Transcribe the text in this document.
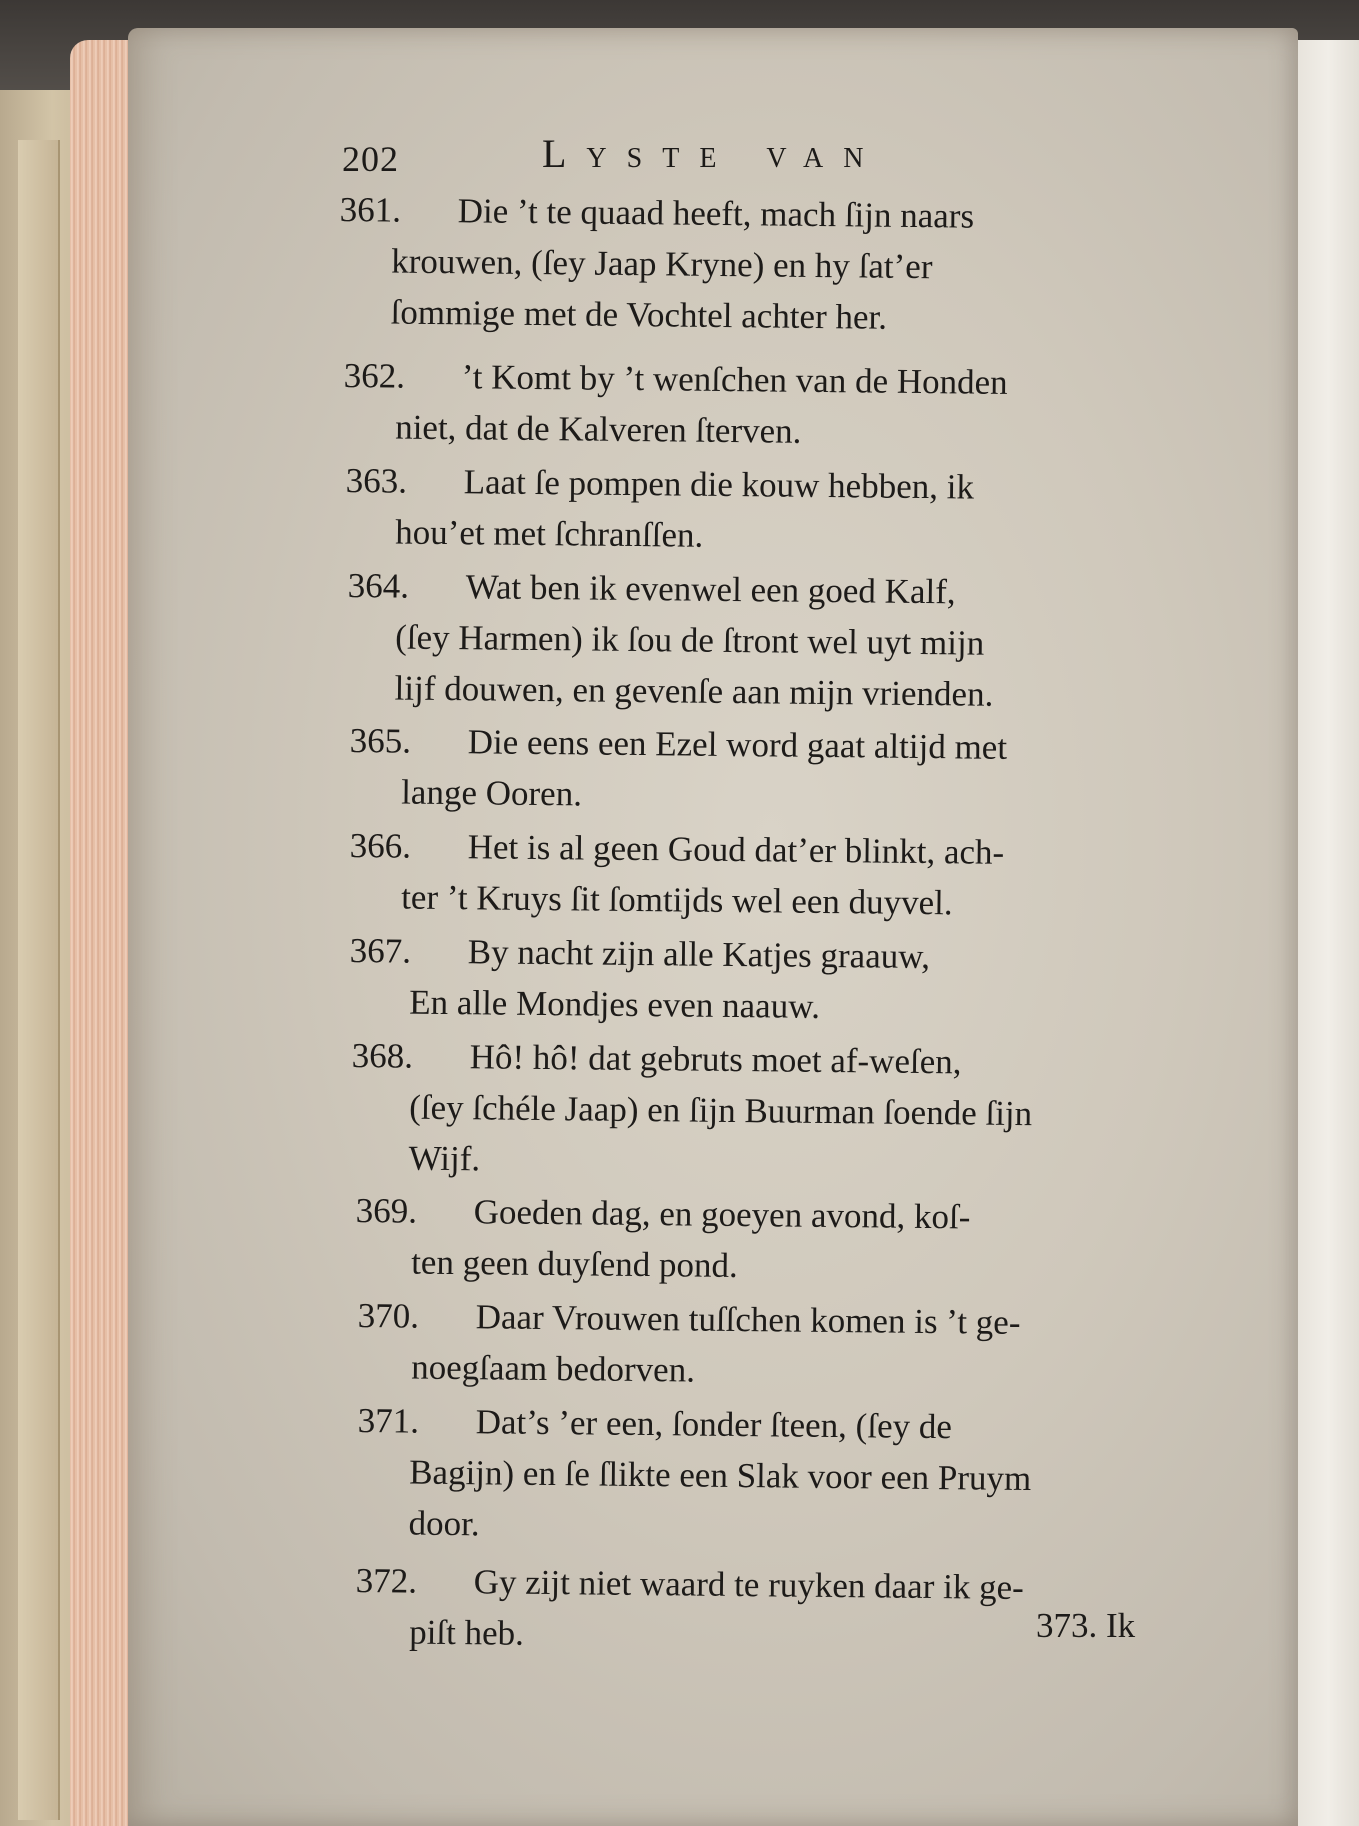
202	Lyste van
361. Die ’t te quaad heeft, mach ſijn naars
krouwen, (ſey Jaap Kryne) en hy ſat’er
ſommige met de Vochtel achter her.
362. ’t Komt by ’t wenſchen van de Honden
niet, dat de Kalveren ſterven.
363. Laat ſe pompen die kouw hebben, ik
hou’et met ſchranſſen.
364. Wat ben ik evenwel een goed Kalf,
(ſey Harmen) ik ſou de ſtront wel uyt mijn
lijf douwen, en gevenſe aan mijn vrienden.
365. Die eens een Ezel word gaat altijd met
lange Ooren.
366. Het is al geen Goud dat’er blinkt, ach-
ter ’t Kruys ſit ſomtijds wel een duyvel.
367. By nacht zijn alle Katjes graauw,
En alle Mondjes even naauw.
368. Hô! hô! dat gebruts moet af-weſen,
(ſey ſchéle Jaap) en ſijn Buurman ſoende ſijn
Wijf.
369. Goeden dag, en goeyen avond, koſ-
ten geen duyſend pond.
370. Daar Vrouwen tuſſchen komen is ’t ge-
noegſaam bedorven.
371. Dat’s ’er een, ſonder ſteen, (ſey de
Bagijn) en ſe ſlikte een Slak voor een Pruym
door.
372. Gy zijt niet waard te ruyken daar ik ge-
piſt heb.	373. Ik
